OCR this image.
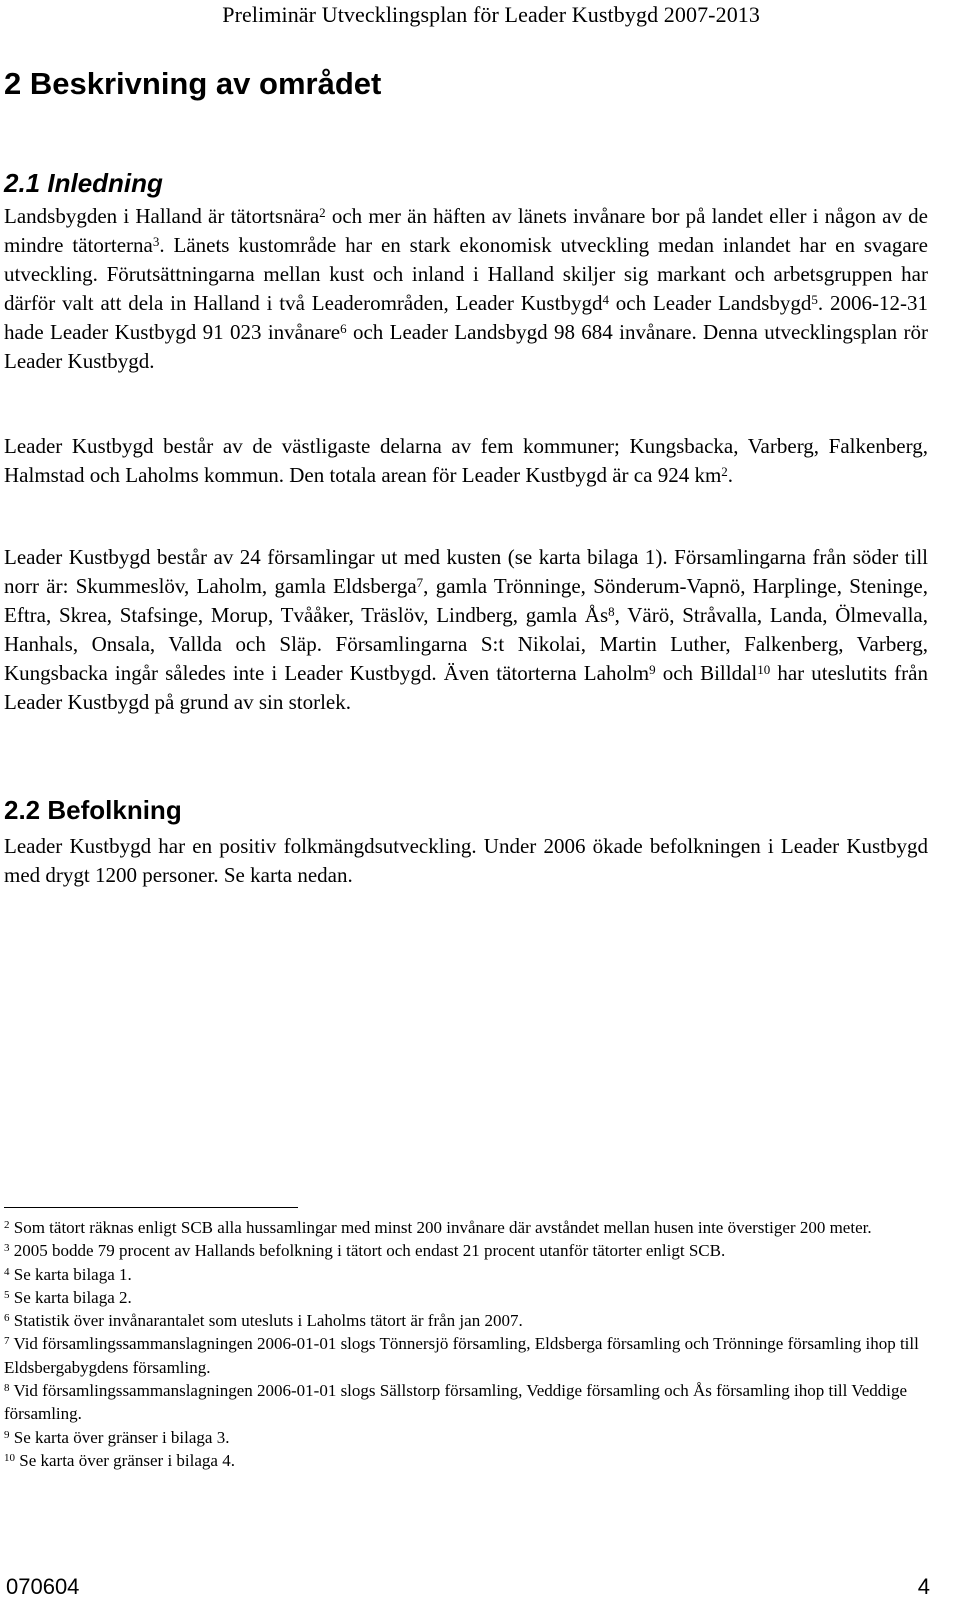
Preliminär Utvecklingsplan för Leader Kustbygd 2007-2013
2 Beskrivning av området
2.1 Inledning

Landsbygden i Halland är tätortsnära$^2$ och mer än häften av länets invånare bor på landet eller i någon av de mindre tätorterna$^3$. Länets kustområde har en stark ekonomisk utveckling medan inlandet har en svagare utveckling. Förutsättningarna mellan kust och inland i Halland skiljer sig markant och arbetsgruppen har därför valt att dela in Halland i två Leaderområden, Leader Kustbygd$^4$ och Leader Landsbygd$^5$. 2006-12-31 hade Leader Kustbygd 91 023 invånare$^6$ och Leader Landsbygd 98 684 invånare. Denna utvecklingsplan rör Leader Kustbygd.

Leader Kustbygd består av de västligaste delarna av fem kommuner; Kungsbacka, Varberg, Falkenberg, Halmstad och Laholms kommun. Den totala arean för Leader Kustbygd är ca 924 $km^2$.

Leader Kustbygd består av 24 församlingar ut med kusten (se karta bilaga 1). Församlingarna från söder till norr är: Skummeslöv, Laholm, gamla Eldsberga$^7$, gamla Trönninge, Sönderum-Vapnö, Harplinge, Steninge, Eftra, Skrea, Stafsinge, Morup, Tvååker, Träslöv, Lindberg, gamla $Ås^8$, Värö, Stråvalla, Landa, Ölmevalla, Hanhals, Onsala, Vallda och Släp. Församlingarna S:t Nikolai, Martin Luther, Falkenberg, Varberg, Kungsbacka ingår således inte i Leader Kustbygd. Även tätorterna Laholm$^9$ och Billdal$^{10}$ har uteslutits från Leader Kustbygd på grund av sin storlek.

2.2 Befolkning

Leader Kustbygd har en positiv folkmängdsutveckling. Under 2006 ökade befolkningen i Leader Kustbygd med drygt 1200 personer. Se karta nedan.

$^2$ Som tätort räknas enligt SCB alla hussamlingar med minst 200 invånare där avståndet mellan husen inte överstiger 200 meter.

$^3$ 2005 bodde 79 procent av Hallands befolkning i tätort och endast 21 procent utanför tätorter enligt SCB.

$^4$ Se karta bilaga 1.

$^5$ Se karta bilaga 2.

$^6$ Statistik över invånarantalet som utesluts i Laholms tätort är från jan 2007.

$^7$ Vid församlingssammanslagningen 2006-01-01 slogs Tönnersjö församling, Eldsberga församling och Trönninge församling ihop till Eldsbergabygdens församling.

$^8$ Vid församlingssammanslagningen 2006-01-01 slogs Sällstorp församling, Veddige församling och Ås församling ihop till Veddige församling.

$^9$ Se karta över gränser i bilaga 3.

$^{10}$ Se karta över gränser i bilaga 4.

070604	4
